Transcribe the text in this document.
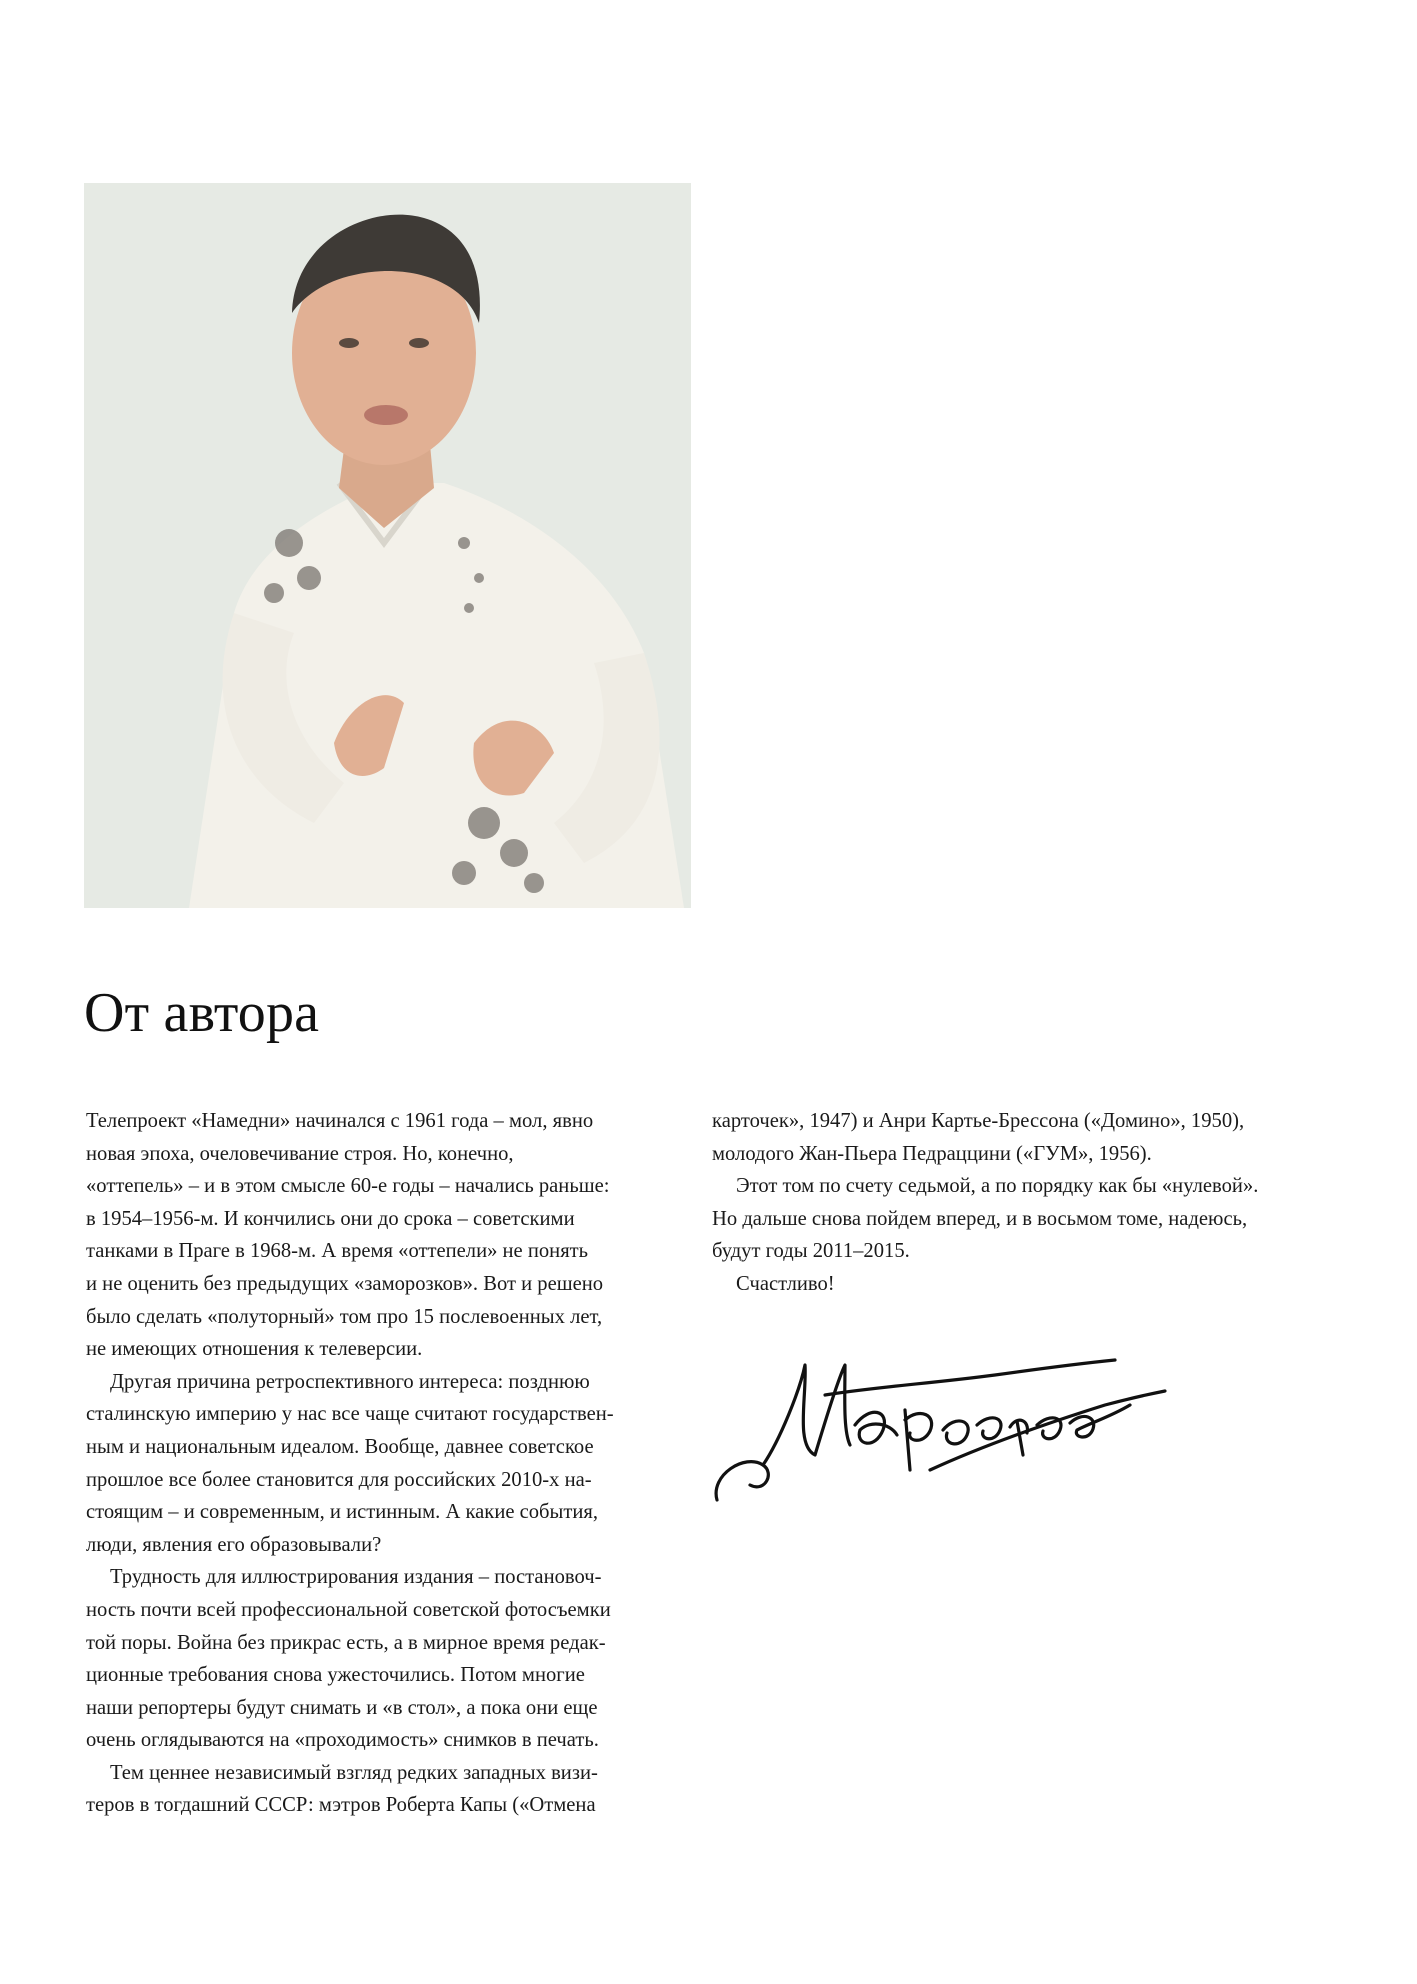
От автора

Телепроект «Намедни» начинался с 1961 года – мол, явно
новая эпоха, очеловечивание строя. Но, конечно,
«оттепель» – и в этом смысле 60-е годы – начались раньше:
в 1954–1956-м. И кончились они до срока – советскими
танками в Праге в 1968-м. А время «оттепели» не понять
и не оценить без предыдущих «заморозков». Вот и решено
было сделать «полуторный» том про 15 послевоенных лет,
не имеющих отношения к телеверсии.

Другая причина ретроспективного интереса: позднюю
сталинскую империю у нас все чаще считают государствен-
ным и национальным идеалом. Вообще, давнее советское
прошлое все более становится для российских 2010-х на-
стоящим – и современным, и истинным. А какие события,
люди, явления его образовывали?

Трудность для иллюстрирования издания – постановоч-
ность почти всей профессиональной советской фотосъемки
той поры. Война без прикрас есть, а в мирное время редак-
ционные требования снова ужесточились. Потом многие
наши репортеры будут снимать и «в стол», а пока они еще
очень оглядываются на «проходимость» снимков в печать.

Тем ценнее независимый взгляд редких западных визи-
теров в тогдашний СССР: мэтров Роберта Капы («Отмена

карточек», 1947) и Анри Картье-Брессона («Домино», 1950),
молодого Жан-Пьера Педраццини («ГУМ», 1956).

Этот том по счету седьмой, а по порядку как бы «нулевой».
Но дальше снова пойдем вперед, и в восьмом томе, надеюсь,
будут годы 2011–2015.

Счастливо!
